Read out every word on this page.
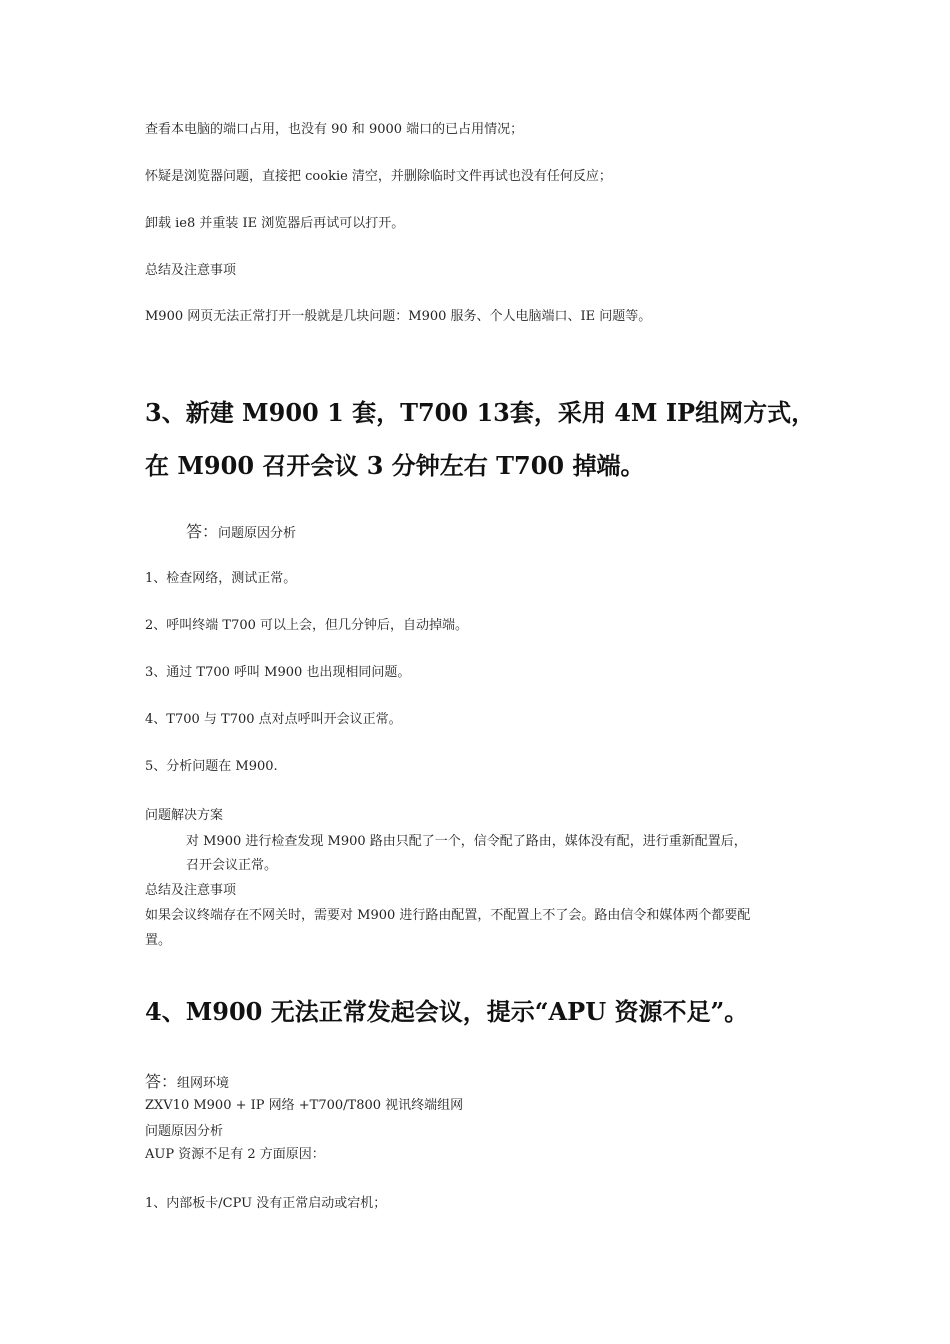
查看本电脑的端口占用，也没有 90 和 9000 端口的已占用情况；
怀疑是浏览器问题，直接把 cookie 清空，并删除临时文件再试也没有任何反应；
卸载 ie8 并重装 IE 浏览器后再试可以打开。
总结及注意事项
M900 网页无法正常打开一般就是几块问题：M900 服务、个人电脑端口、IE 问题等。
3、新建 M900 1 套，T700 13套，采用 4M IP组网方式，
在 M900 召开会议 3 分钟左右 T700 掉端。
答：问题原因分析
1、检查网络，测试正常。
2、呼叫终端 T700 可以上会，但几分钟后，自动掉端。
3、通过 T700 呼叫 M900 也出现相同问题。
4、T700 与 T700 点对点呼叫开会议正常。
5、分析问题在 M900.
问题解决方案
对 M900 进行检查发现 M900 路由只配了一个，信令配了路由，媒体没有配，进行重新配置后，
召开会议正常。
总结及注意事项
如果会议终端存在不网关时，需要对 M900 进行路由配置，不配置上不了会。路由信令和媒体两个都要配
置。
4、M900 无法正常发起会议，提示“APU 资源不足”。
答：组网环境
ZXV10 M900 + IP 网络 +T700/T800 视讯终端组网
问题原因分析
AUP 资源不足有 2 方面原因：
1、内部板卡/CPU 没有正常启动或宕机；
